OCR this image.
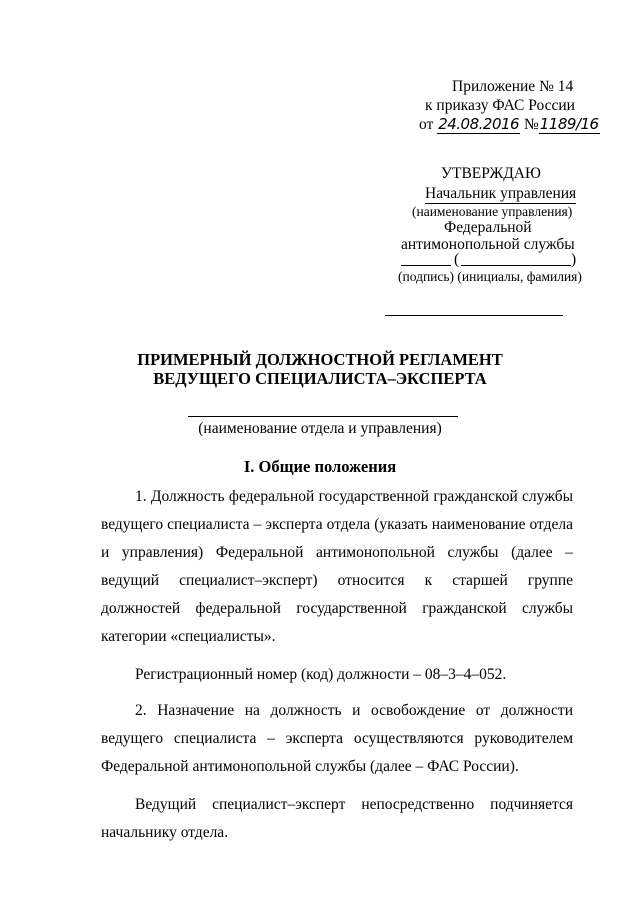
Приложение № 14
к приказу ФАС России
от 24.08.2016 №1189/16
УТВЕРЖДАЮ
Начальник управления
(наименование управления)
Федеральной
антимонопольной службы
(	)
(подпись) (инициалы, фамилия)
ПРИМЕРНЫЙ ДОЛЖНОСТНОЙ РЕГЛАМЕНТ
ВЕДУЩЕГО СПЕЦИАЛИСТА–ЭКСПЕРТА
(наименование отдела и управления)
I. Общие положения

1. Должность федеральной государственной гражданской службы ведущего специалиста – эксперта отдела (указать наименование отдела и управления) Федеральной антимонопольной службы (далее – ведущий специалист–эксперт) относится к старшей группе должностей федеральной государственной гражданской службы категории «специалисты».

Регистрационный номер (код) должности – 08–3–4–052.

2. Назначение на должность и освобождение от должности ведущего специалиста – эксперта осуществляются руководителем Федеральной антимонопольной службы (далее – ФАС России).

Ведущий специалист–эксперт непосредственно подчиняется начальнику отдела.
